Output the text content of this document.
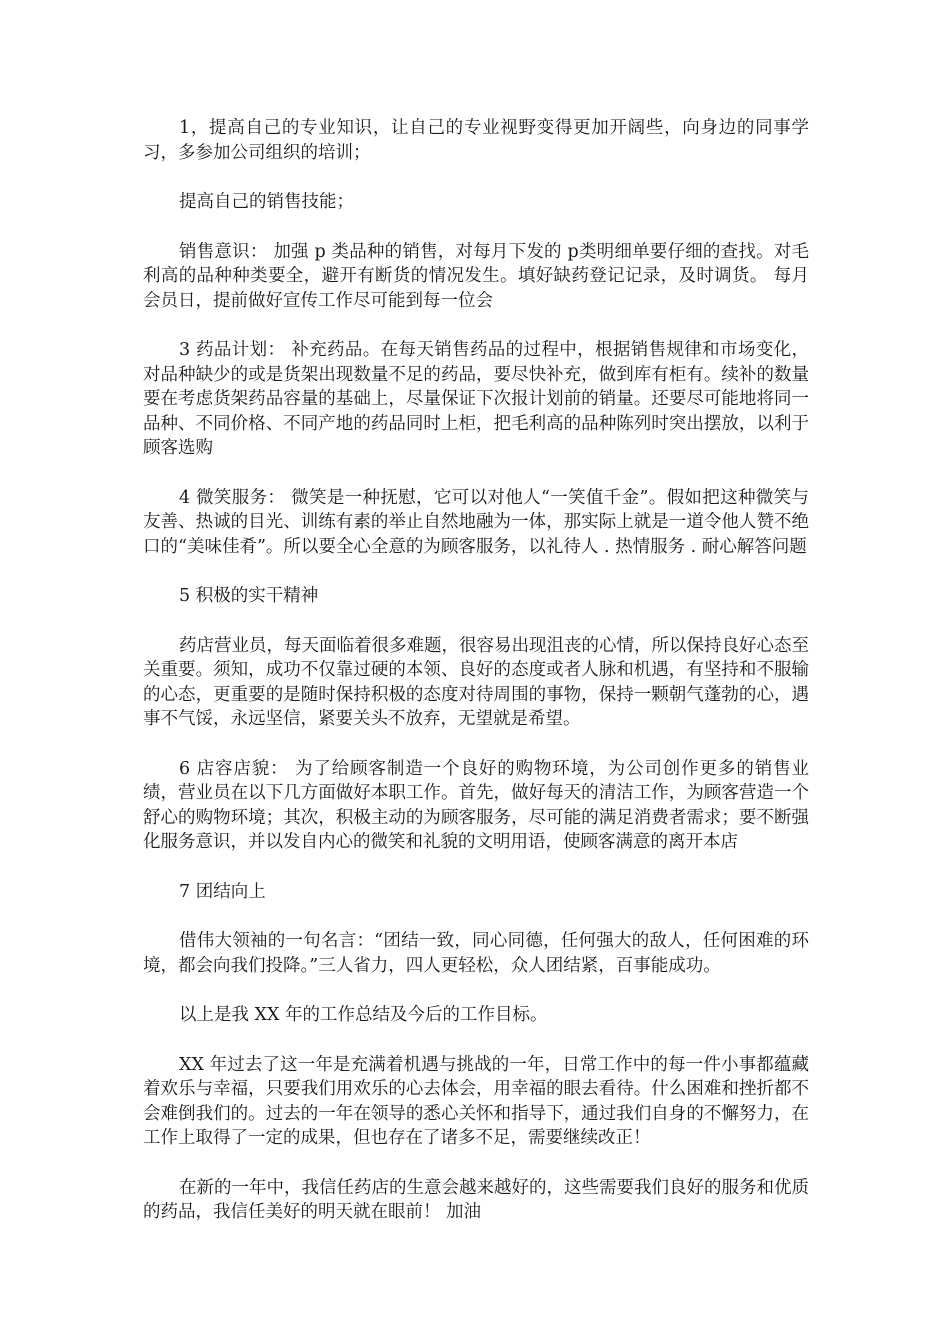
1，提高自己的专业知识，让自己的专业视野变得更加开阔些，向身边的同事学习，多参加公司组织的培训；

提高自己的销售技能；

销售意识： 加强 p 类品种的销售，对每月下发的 p类明细单要仔细的查找。对毛利高的品种种类要全，避开有断货的情况发生。填好缺药登记记录，及时调货。 每月会员日，提前做好宣传工作尽可能到每一位会

3 药品计划： 补充药品。在每天销售药品的过程中，根据销售规律和市场变化，对品种缺少的或是货架出现数量不足的药品，要尽快补充，做到库有柜有。续补的数量要在考虑货架药品容量的基础上，尽量保证下次报计划前的销量。还要尽可能地将同一品种、不同价格、不同产地的药品同时上柜，把毛利高的品种陈列时突出摆放，以利于顾客选购

4 微笑服务： 微笑是一种抚慰，它可以对他人“一笑值千金”。假如把这种微笑与友善、热诚的目光、训练有素的举止自然地融为一体，那实际上就是一道令他人赞不绝口的“美味佳肴”。所以要全心全意的为顾客服务，以礼待人 . 热情服务 . 耐心解答问题

5 积极的实干精神

药店营业员，每天面临着很多难题，很容易出现沮丧的心情，所以保持良好心态至关重要。须知，成功不仅靠过硬的本领、良好的态度或者人脉和机遇，有坚持和不服输的心态，更重要的是随时保持积极的态度对待周围的事物，保持一颗朝气蓬勃的心，遇事不气馁，永远坚信，紧要关头不放弃，无望就是希望。

6 店容店貌： 为了给顾客制造一个良好的购物环境，为公司创作更多的销售业绩，营业员在以下几方面做好本职工作。首先，做好每天的清洁工作，为顾客营造一个舒心的购物环境；其次，积极主动的为顾客服务，尽可能的满足消费者需求；要不断强化服务意识，并以发自内心的微笑和礼貌的文明用语，使顾客满意的离开本店

7 团结向上

借伟大领袖的一句名言：“团结一致，同心同德，任何强大的敌人，任何困难的环境，都会向我们投降。”三人省力，四人更轻松，众人团结紧，百事能成功。

以上是我 XX 年的工作总结及今后的工作目标。

XX 年过去了这一年是充满着机遇与挑战的一年，日常工作中的每一件小事都蕴藏着欢乐与幸福，只要我们用欢乐的心去体会，用幸福的眼去看待。什么困难和挫折都不会难倒我们的。过去的一年在领导的悉心关怀和指导下，通过我们自身的不懈努力，在工作上取得了一定的成果，但也存在了诸多不足，需要继续改正！

在新的一年中，我信任药店的生意会越来越好的，这些需要我们良好的服务和优质的药品，我信任美好的明天就在眼前！ 加油
